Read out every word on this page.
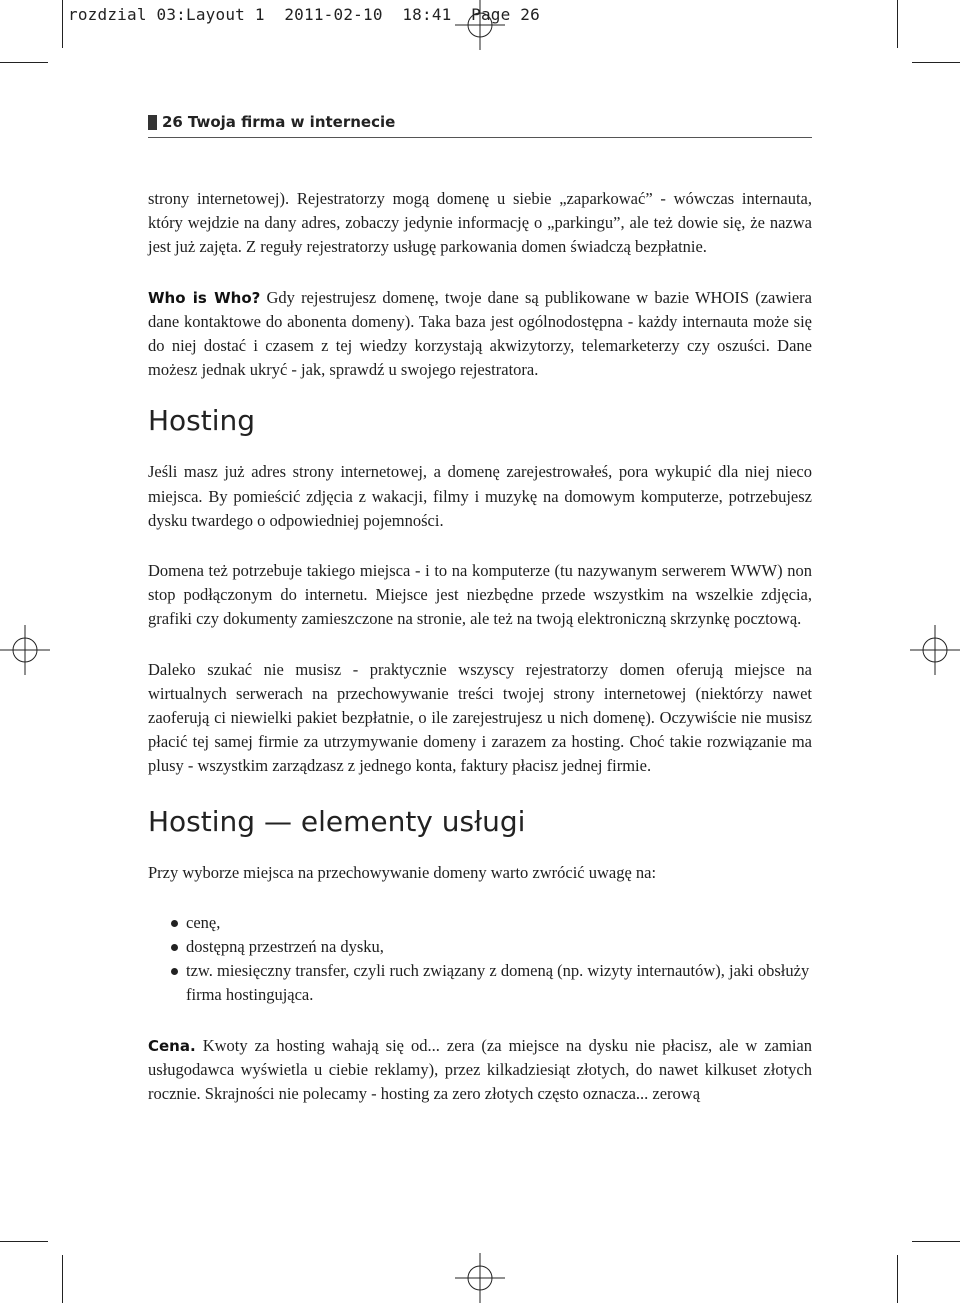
rozdzial 03:Layout 1  2011-02-10  18:41  Page 26
26 Twoja firma w internecie

strony internetowej). Rejestratorzy mogą domenę u siebie „zaparkować” - wówczas internauta, który wejdzie na dany adres, zobaczy jedynie informację o „parkingu”, ale też dowie się, że nazwa jest już zajęta. Z reguły rejestratorzy usługę parkowania domen świadczą bezpłatnie.

Who is Who? Gdy rejestrujesz domenę, twoje dane są publikowane w bazie WHOIS (zawiera dane kontaktowe do abonenta domeny). Taka baza jest ogólnodostępna - każdy internauta może się do niej dostać i czasem z tej wiedzy korzystają akwizytorzy, telemarketerzy czy oszuści. Dane możesz jednak ukryć - jak, sprawdź u swojego rejestratora.

Hosting

Jeśli masz już adres strony internetowej, a domenę zarejestrowałeś, pora wykupić dla niej nieco miejsca. By pomieścić zdjęcia z wakacji, filmy i muzykę na domowym komputerze, potrzebujesz dysku twardego o odpowiedniej pojemności.

Domena też potrzebuje takiego miejsca - i to na komputerze (tu nazywanym serwerem WWW) non stop podłączonym do internetu. Miejsce jest niezbędne przede wszystkim na wszelkie zdjęcia, grafiki czy dokumenty zamieszczone na stronie, ale też na twoją elektroniczną skrzynkę pocztową.

Daleko szukać nie musisz - praktycznie wszyscy rejestratorzy domen oferują miejsce na wirtualnych serwerach na przechowywanie treści twojej strony internetowej (niektórzy nawet zaoferują ci niewielki pakiet bezpłatnie, o ile zarejestrujesz u nich domenę). Oczywiście nie musisz płacić tej samej firmie za utrzymywanie domeny i zarazem za hosting. Choć takie rozwiązanie ma plusy - wszystkim zarządzasz z jednego konta, faktury płacisz jednej firmie.

Hosting — elementy usługi

Przy wyborze miejsca na przechowywanie domeny warto zwrócić uwagę na:

cenę,
dostępną przestrzeń na dysku,
tzw. miesięczny transfer, czyli ruch związany z domeną (np. wizyty internautów), jaki obsłuży firma hostingująca.

Cena. Kwoty za hosting wahają się od... zera (za miejsce na dysku nie płacisz, ale w zamian usługodawca wyświetla u ciebie reklamy), przez kilkadziesiąt złotych, do nawet kilkuset złotych rocznie. Skrajności nie polecamy - hosting za zero złotych często oznacza... zerową
